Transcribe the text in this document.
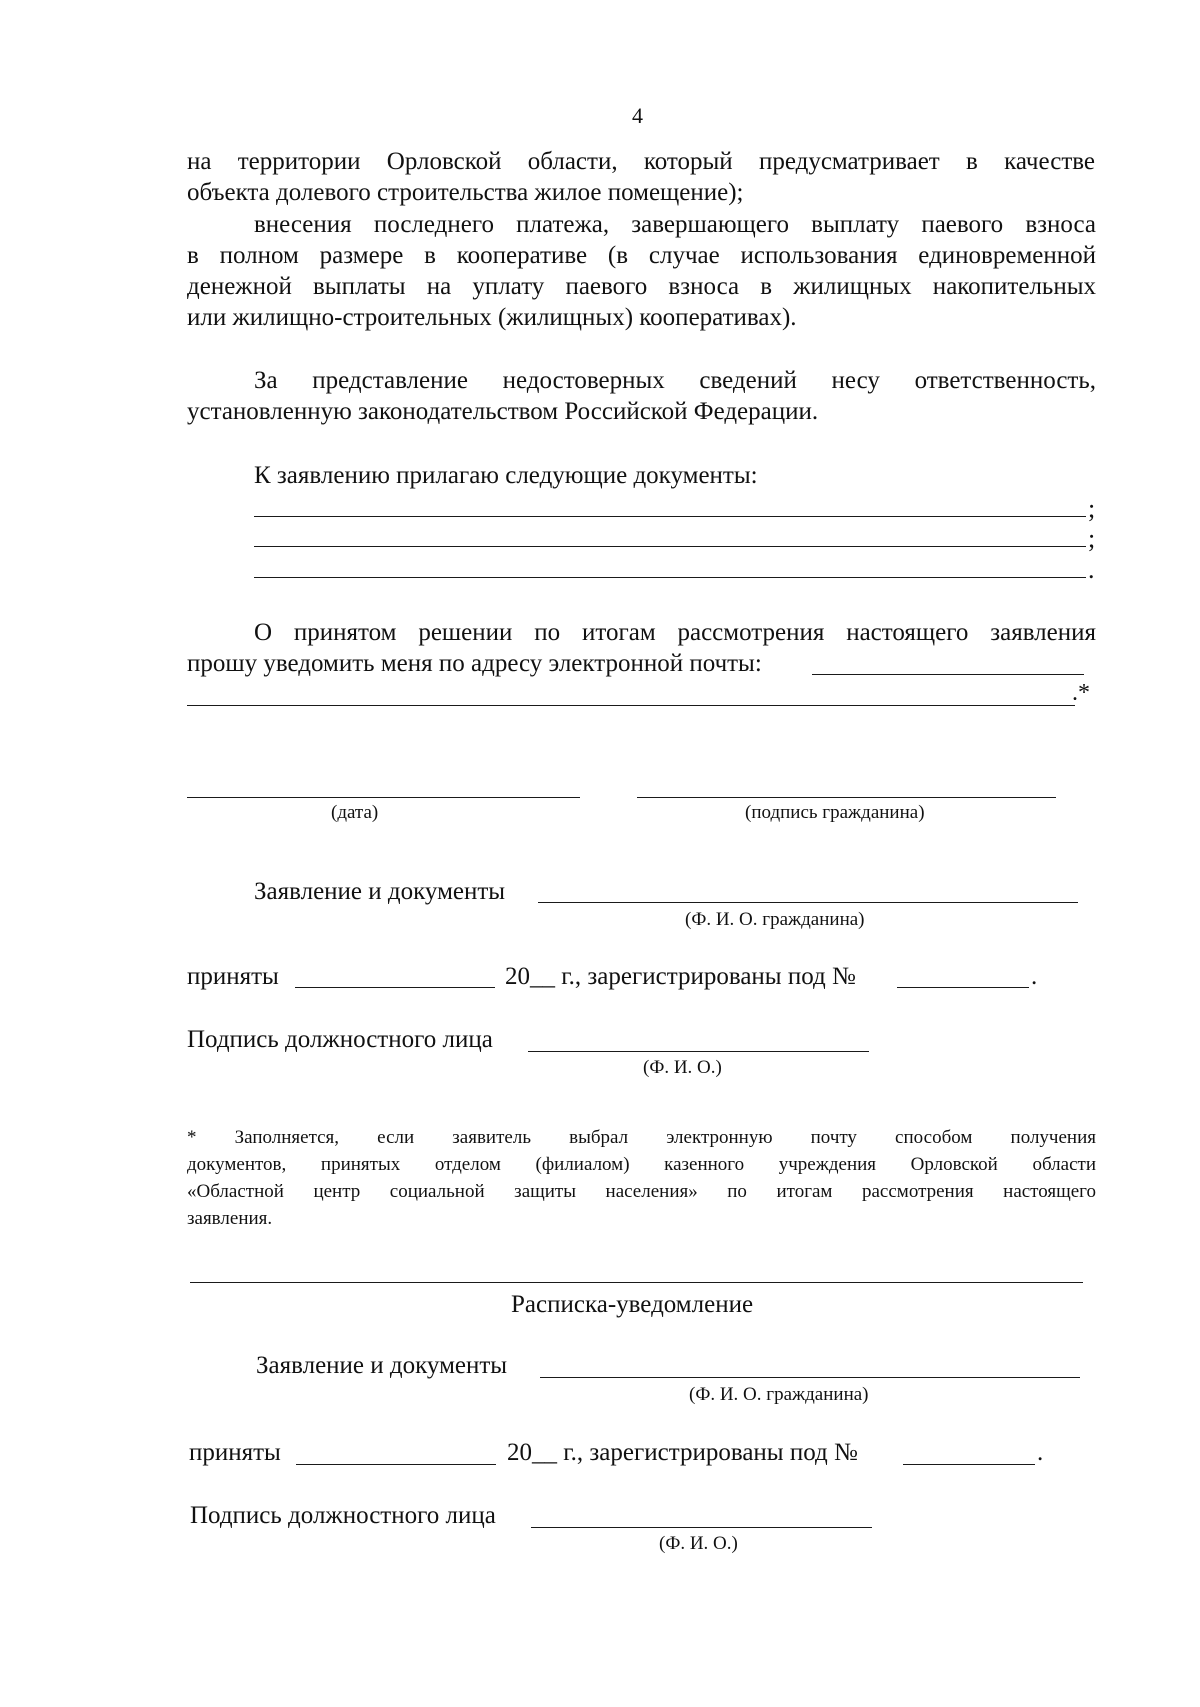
4
на территории Орловской области, который предусматривает в качестве
объекта долевого строительства жилое помещение);
внесения последнего платежа, завершающего выплату паевого взноса
в полном размере в кооперативе (в случае использования единовременной
денежной выплаты на уплату паевого взноса в жилищных накопительных
или жилищно-строительных (жилищных) кооперативах).
За представление недостоверных сведений несу ответственность,
установленную законодательством Российской Федерации.
К заявлению прилагаю следующие документы:
;
;
.
О принятом решении по итогам рассмотрения настоящего заявления
прошу уведомить меня по адресу электронной почты:
.*
(дата)	(подпись гражданина)
Заявление и документы
(Ф. И. О. гражданина)
приняты	20__ г., зарегистрированы под №	.
Подпись должностного лица
(Ф. И. О.)
* Заполняется, если заявитель выбрал электронную почту способом получения
документов, принятых отделом (филиалом) казенного учреждения Орловской области
«Областной центр социальной защиты населения» по итогам рассмотрения настоящего
заявления.
Расписка-уведомление
Заявление и документы
(Ф. И. О. гражданина)
приняты	20__ г., зарегистрированы под №	.
Подпись должностного лица
(Ф. И. О.)
